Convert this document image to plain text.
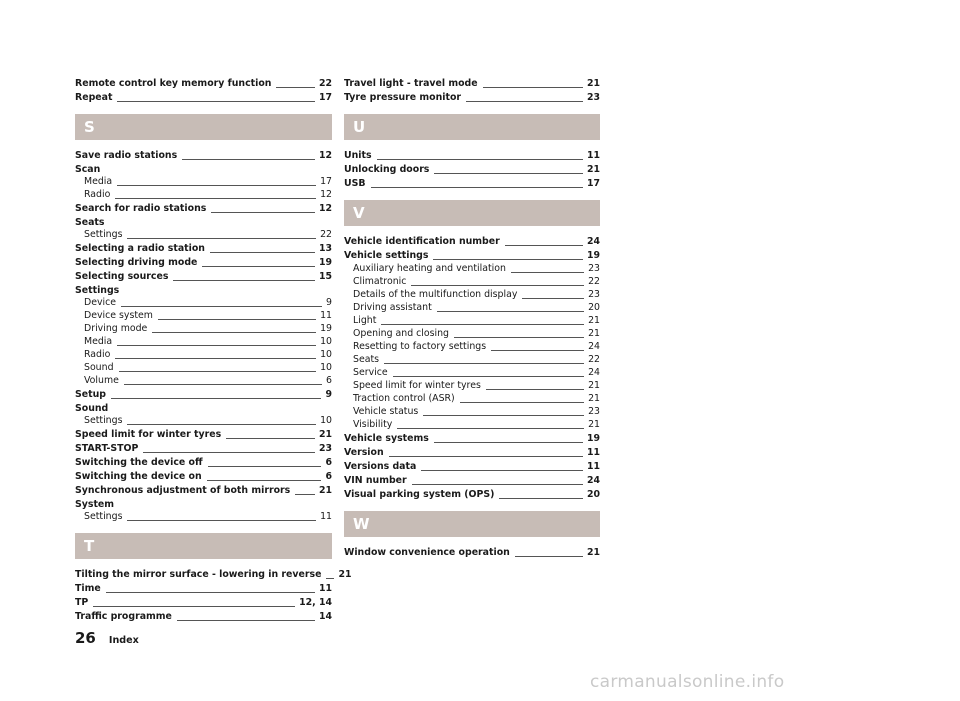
Remote control key memory function	22
Repeat	17
S
Save radio stations	12
Scan
Media	17
Radio	12
Search for radio stations	12
Seats
Settings	22
Selecting a radio station	13
Selecting driving mode	19
Selecting sources	15
Settings
Device	9
Device system	11
Driving mode	19
Media	10
Radio	10
Sound	10
Volume	6
Setup	9
Sound
Settings	10
Speed limit for winter tyres	21
START-STOP	23
Switching the device off	6
Switching the device on	6
Synchronous adjustment of both mirrors	21
System
Settings	11
T
Tilting the mirror surface - lowering in reverse 21
Time	11
TP	12, 14
Traffic programme	14
Travel light - travel mode	21
Tyre pressure monitor	23
U
Units	11
Unlocking doors	21
USB	17
V
Vehicle identification number	24
Vehicle settings	19
Auxiliary heating and ventilation	23
Climatronic	22
Details of the multifunction display	23
Driving assistant	20
Light	21
Opening and closing	21
Resetting to factory settings	24
Seats	22
Service	24
Speed limit for winter tyres	21
Traction control (ASR)	21
Vehicle status	23
Visibility	21
Vehicle systems	19
Version	11
Versions data	11
VIN number	24
Visual parking system (OPS)	20
W
Window convenience operation	21
26 Index
carmanualsonline.info
